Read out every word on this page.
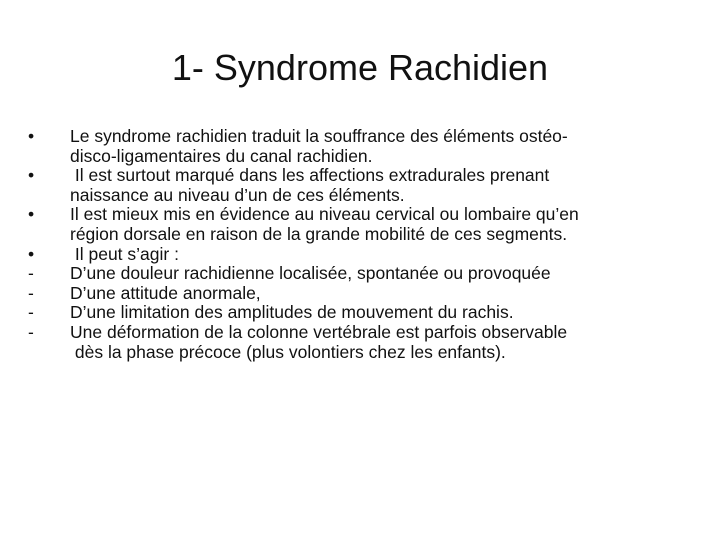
1- Syndrome Rachidien
•	Le syndrome rachidien traduit la souffrance des éléments ostéo-
disco-ligamentaires du canal rachidien.
•	Il est surtout marqué dans les affections extradurales prenant
naissance au niveau d’un de ces éléments.
•	Il est mieux mis en évidence au niveau cervical ou lombaire qu’en
région dorsale en raison de la grande mobilité de ces segments.
•	Il peut s’agir :
-	D’une douleur rachidienne localisée, spontanée ou provoquée
-	D’une attitude anormale,
-	D’une limitation des amplitudes de mouvement du rachis.
-	Une déformation de la colonne vertébrale est parfois observable
dès la phase précoce (plus volontiers chez les enfants).
